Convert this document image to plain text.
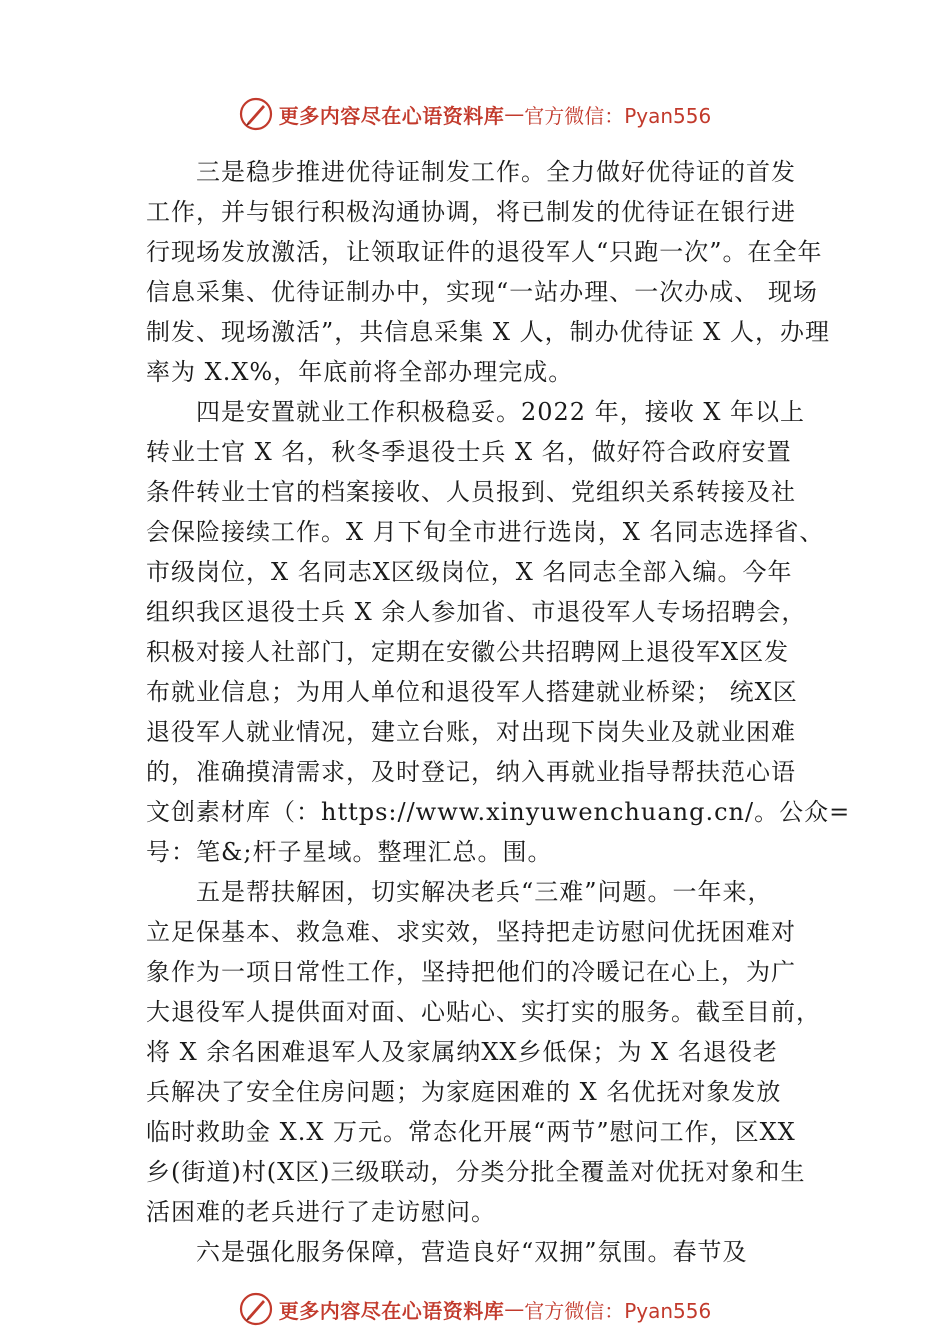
更多内容尽在心语资料库 — 官方微信：Pyan556
三是稳步推进优待证制发工作。全力做好优待证的首发
工作，并与银行积极沟通协调，将已制发的优待证在银行进
行现场发放激活，让领取证件的退役军人“只跑一次”。在全年
信息采集、优待证制办中，实现“一站办理、一次办成、 现场
制发、现场激活”，共信息采集 X 人，制办优待证 X 人，办理
率为 X.X%，年底前将全部办理完成。
四是安置就业工作积极稳妥。2022 年，接收 X 年以上
转业士官 X 名，秋冬季退役士兵 X 名，做好符合政府安置
条件转业士官的档案接收、人员报到、党组织关系转接及社
会保险接续工作。X 月下旬全市进行选岗，X 名同志选择省、
市级岗位，X 名同志X区级岗位，X 名同志全部入编。今年
组织我区退役士兵 X 余人参加省、市退役军人专场招聘会，
积极对接人社部门，定期在安徽公共招聘网上退役军X区发
布就业信息；为用人单位和退役军人搭建就业桥梁； 统X区
退役军人就业情况，建立台账，对出现下岗失业及就业困难
的，准确摸清需求，及时登记，纳入再就业指导帮扶范心语
文创素材库（：https://www.xinyuwenchuang.cn/。公众=
号：笔&;杆子星域。整理汇总。围。
五是帮扶解困，切实解决老兵“三难”问题。一年来，
立足保基本、救急难、求实效，坚持把走访慰问优抚困难对
象作为一项日常性工作，坚持把他们的冷暖记在心上，为广
大退役军人提供面对面、心贴心、实打实的服务。截至目前，
将 X 余名困难退军人及家属纳XX乡低保；为 X 名退役老
兵解决了安全住房问题；为家庭困难的 X 名优抚对象发放
临时救助金 X.X 万元。常态化开展“两节”慰问工作，区XX
乡(街道)村(X区)三级联动，分类分批全覆盖对优抚对象和生
活困难的老兵进行了走访慰问。
六是强化服务保障，营造良好“双拥”氛围。春节及
更多内容尽在心语资料库 — 官方微信：Pyan556
